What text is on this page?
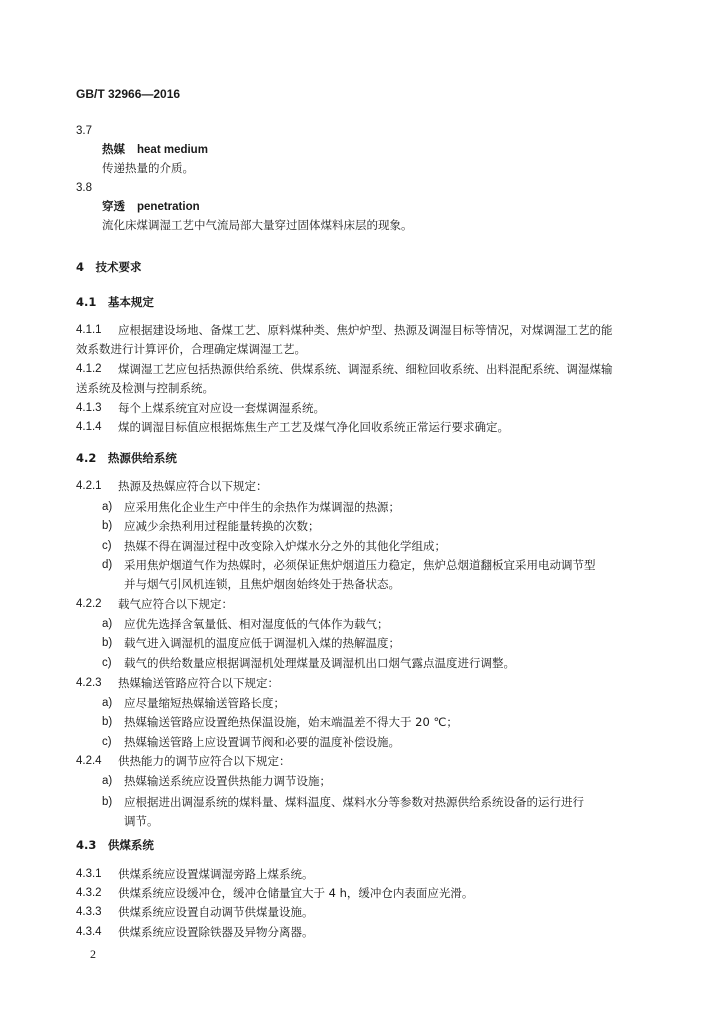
GB/T 32966—2016
3.7
热媒 heat medium
传递热量的介质。
3.8
穿透 penetration
流化床煤调湿工艺中气流局部大量穿过固体煤料床层的现象。
4　技术要求
4.1　基本规定
4.1.1 应根据建设场地、备煤工艺、原料煤种类、焦炉炉型、热源及调湿目标等情况，对煤调湿工艺的能
效系数进行计算评价，合理确定煤调湿工艺。
4.1.2 煤调湿工艺应包括热源供给系统、供煤系统、调湿系统、细粒回收系统、出料混配系统、调湿煤输
送系统及检测与控制系统。
4.1.3 每个上煤系统宜对应设一套煤调湿系统。
4.1.4 煤的调湿目标值应根据炼焦生产工艺及煤气净化回收系统正常运行要求确定。
4.2　热源供给系统
4.2.1 热源及热媒应符合以下规定：
a) 应采用焦化企业生产中伴生的余热作为煤调湿的热源；
b) 应减少余热利用过程能量转换的次数；
c) 热媒不得在调湿过程中改变除入炉煤水分之外的其他化学组成；
d) 采用焦炉烟道气作为热媒时，必须保证焦炉烟道压力稳定，焦炉总烟道翻板宜采用电动调节型
并与烟气引风机连锁，且焦炉烟囱始终处于热备状态。
4.2.2 载气应符合以下规定：
a) 应优先选择含氧量低、相对湿度低的气体作为载气；
b) 载气进入调湿机的温度应低于调湿机入煤的热解温度；
c) 载气的供给数量应根据调湿机处理煤量及调湿机出口烟气露点温度进行调整。
4.2.3 热媒输送管路应符合以下规定：
a) 应尽量缩短热媒输送管路长度；
b) 热媒输送管路应设置绝热保温设施，始末端温差不得大于 20 ℃；
c) 热媒输送管路上应设置调节阀和必要的温度补偿设施。
4.2.4 供热能力的调节应符合以下规定：
a) 热媒输送系统应设置供热能力调节设施；
b) 应根据进出调湿系统的煤料量、煤料温度、煤料水分等参数对热源供给系统设备的运行进行
调节。
4.3　供煤系统
4.3.1 供煤系统应设置煤调湿旁路上煤系统。
4.3.2 供煤系统应设缓冲仓，缓冲仓储量宜大于 4 h，缓冲仓内表面应光滑。
4.3.3 供煤系统应设置自动调节供煤量设施。
4.3.4 供煤系统应设置除铁器及异物分离器。
2
